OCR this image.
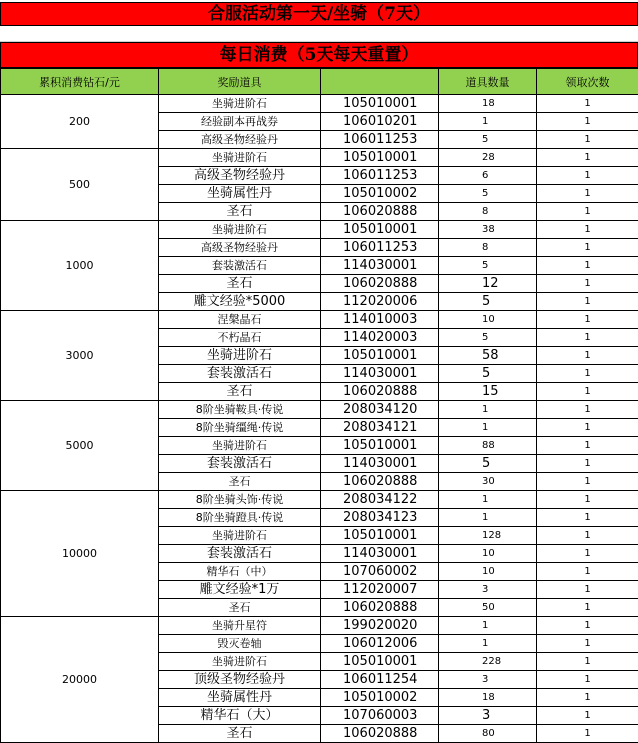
合服活动第一天/坐骑（7天）
每日消费（5天每天重置）
累积消费钻石/元	奖励道具		道具数量	领取次数
200	坐骑进阶石	105010001	18	1
	经验副本再战券	106010201	1	1
	高级圣物经验丹	106011253	5	1
500	坐骑进阶石	105010001	28	1
	高级圣物经验丹	106011253	6	1
	坐骑属性丹	105010002	5	1
	圣石	106020888	8	1
1000	坐骑进阶石	105010001	38	1
	高级圣物经验丹	106011253	8	1
	套装激活石	114030001	5	1
	圣石	106020888	12	1
	雕文经验*5000	112020006	5	1
3000	涅槃晶石	114010003	10	1
	不朽晶石	114020003	5	1
	坐骑进阶石	105010001	58	1
	套装激活石	114030001	5	1
	圣石	106020888	15	1
5000	8阶坐骑鞍具·传说	208034120	1	1
	8阶坐骑缰绳·传说	208034121	1	1
	坐骑进阶石	105010001	88	1
	套装激活石	114030001	5	1
	圣石	106020888	30	1
10000	8阶坐骑头饰·传说	208034122	1	1
	8阶坐骑蹬具·传说	208034123	1	1
	坐骑进阶石	105010001	128	1
	套装激活石	114030001	10	1
	精华石（中）	107060002	10	1
	雕文经验*1万	112020007	3	1
	圣石	106020888	50	1
20000	坐骑升星符	199020020	1	1
	毁灭卷轴	106012006	1	1
	坐骑进阶石	105010001	228	1
	顶级圣物经验丹	106011254	3	1
	坐骑属性丹	105010002	18	1
	精华石（大）	107060003	3	1
	圣石	106020888	80	1
